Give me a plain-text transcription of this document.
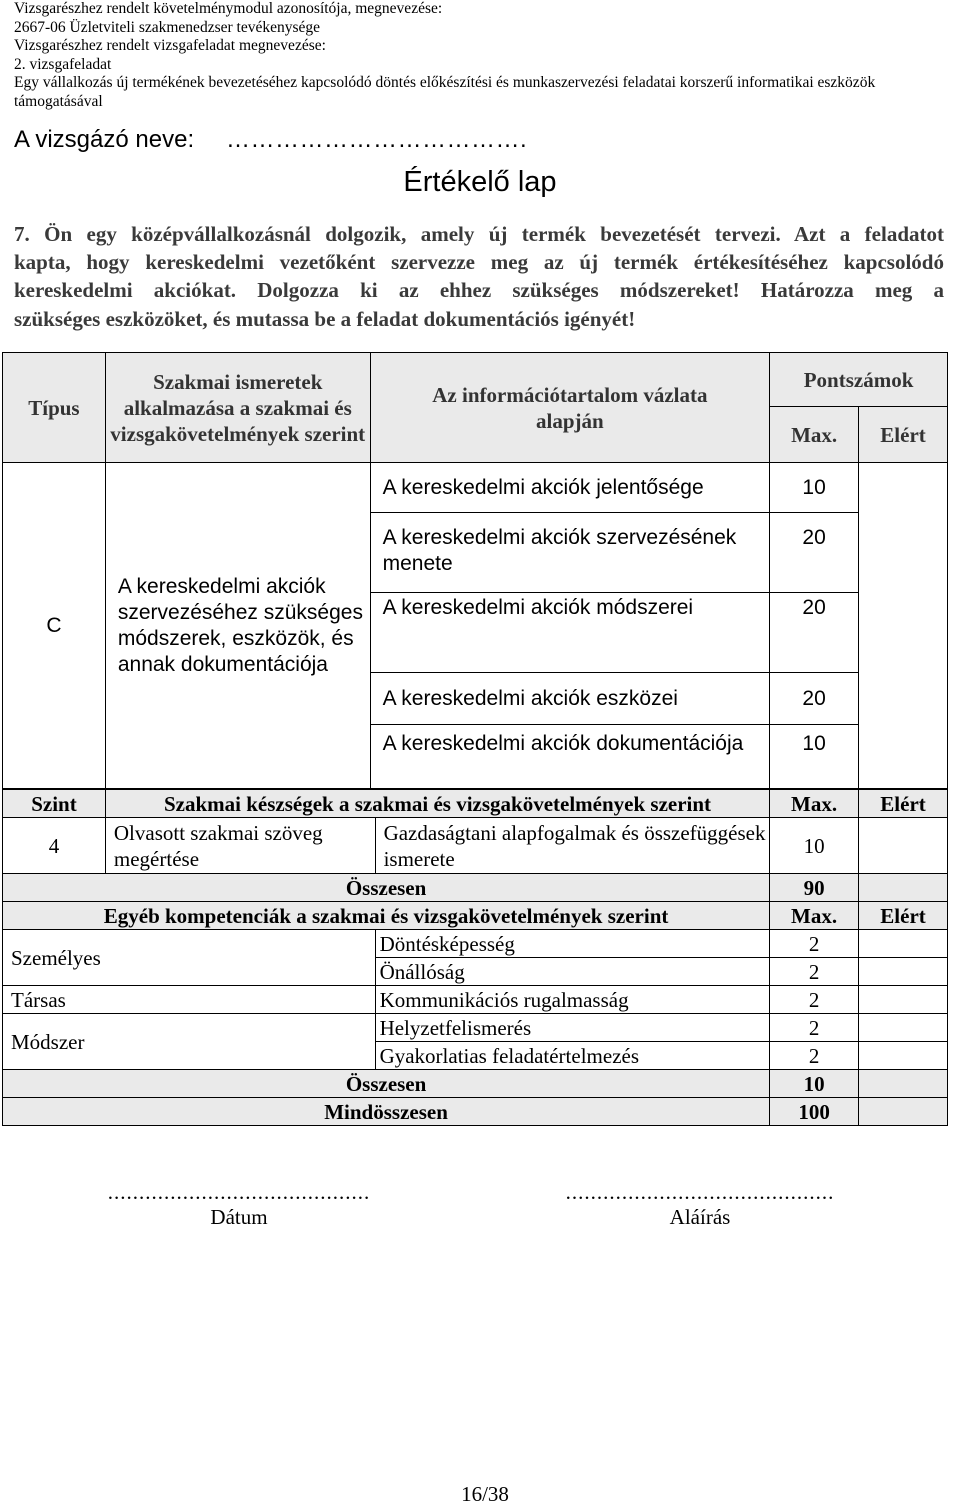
Vizsgarészhez rendelt követelménymodul azonosítója, megnevezése:
2667-06 Üzletviteli szakmenedzser tevékenysége
Vizsgarészhez rendelt vizsgafeladat megnevezése:
2. vizsgafeladat
Egy vállalkozás új termékének bevezetéséhez kapcsolódó döntés előkészítési és munkaszervezési feladatai korszerű informatikai eszközök
támogatásával
A vizsgázó neve: ……………………………….
Értékelő lap
7. Ön egy középvállalkozásnál dolgozik, amely új termék bevezetését tervezi. Azt a feladatot
kapta, hogy kereskedelmi vezetőként szervezze meg az új termék értékesítéséhez kapcsolódó
kereskedelmi akciókat. Dolgozza ki az ehhez szükséges módszereket! Határozza meg a
szükséges eszközöket, és mutassa be a feladat dokumentációs igényét!
Típus	Szakmai ismeretek alkalmazása a szakmai és vizsgakövetelmények szerint	Az információtartalom vázlata alapján	Pontszámok	
			Max.	Elért
C	A kereskedelmi akciók szervezéséhez szükséges módszerek, eszközök, és annak dokumentációja	A kereskedelmi akciók jelentősége	10	
		A kereskedelmi akciók szervezésének menete	20	
		A kereskedelmi akciók módszerei	20	
		A kereskedelmi akciók eszközei	20	
		A kereskedelmi akciók dokumentációja	10	
Szint	Szakmai készségek a szakmai és vizsgakövetelmények szerint		Max.	Elért
4	Olvasott szakmai szöveg megértése	Gazdaságtani alapfogalmak és összefüggések ismerete	10	
Összesen			90	
Egyéb kompetenciák a szakmai és vizsgakövetelmények szerint			Max.	Elért
Személyes		Döntésképesség	2	
		Önállóság	2	
Társas		Kommunikációs rugalmasság	2	
Módszer		Helyzetfelismerés	2	
		Gyakorlatias feladatértelmezés	2	
Összesen			10	
Mindösszesen			100	
..........................................
Dátum
...........................................
Aláírás
16/38
